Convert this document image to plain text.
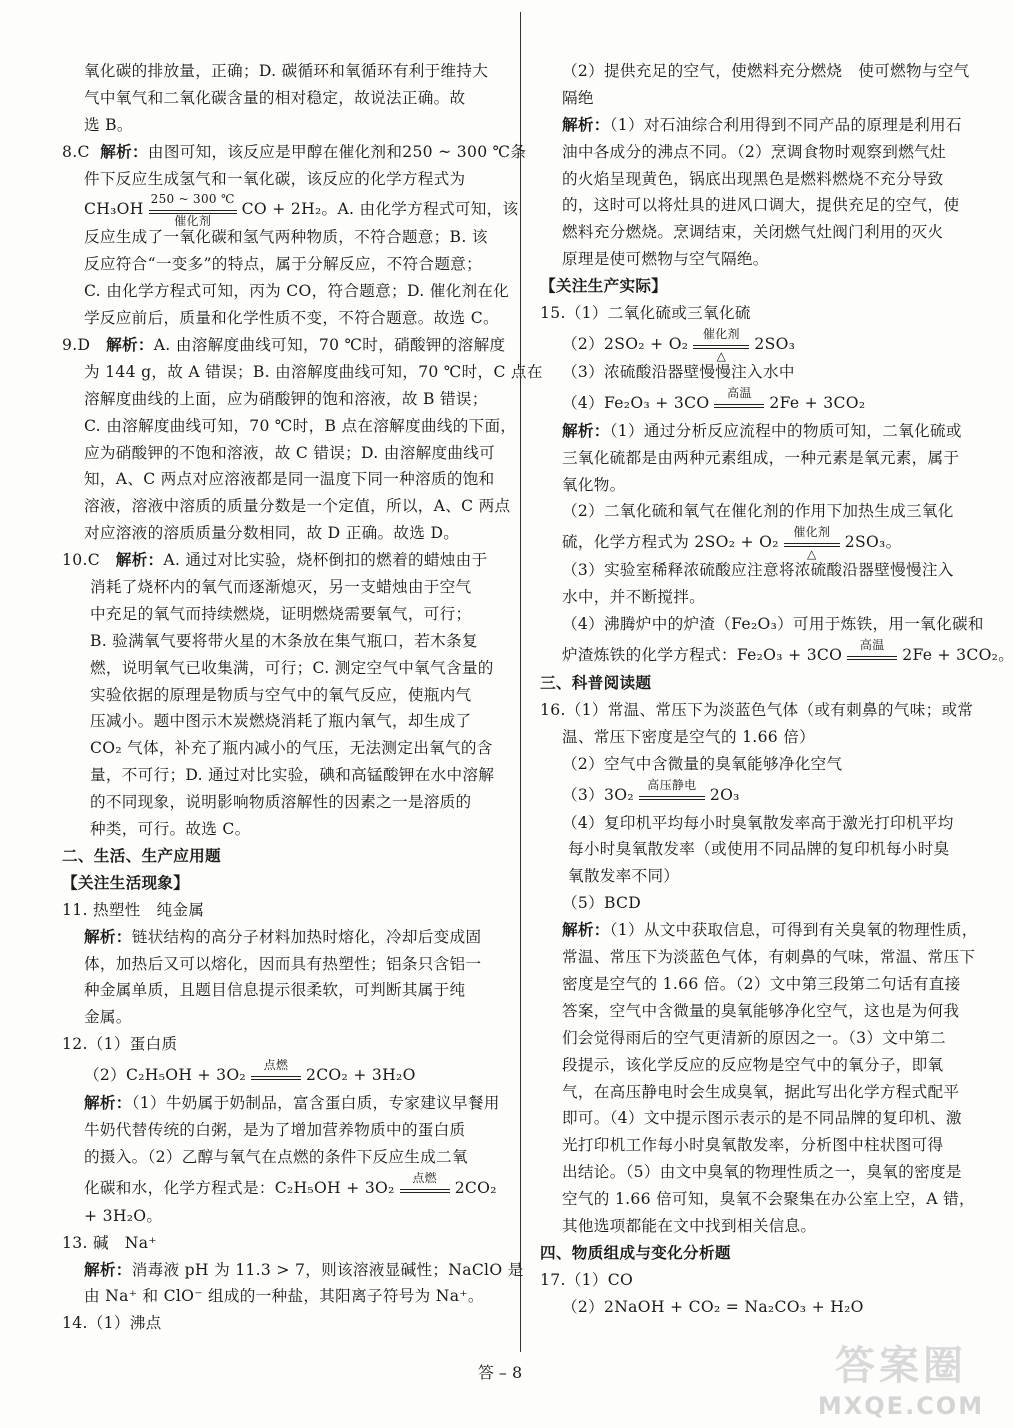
氧化碳的排放量，正确；D. 碳循环和氧循环有利于维持大
气中氧气和二氧化碳含量的相对稳定，故说法正确。故
选 B。
8.C 解析：由图可知，该反应是甲醇在催化剂和250 ~ 300 ℃条
件下反应生成氢气和一氧化碳，该反应的化学方程式为
CH₃OH
250 ~ 300 ℃
催化剂
CO + 2H₂。A. 由化学方程式可知，该
反应生成了一氧化碳和氢气两种物质，不符合题意；B. 该
反应符合“一变多”的特点，属于分解反应，不符合题意；
C. 由化学方程式可知，丙为 CO，符合题意；D. 催化剂在化
学反应前后，质量和化学性质不变，不符合题意。故选 C。
9.D 解析：A. 由溶解度曲线可知，70 ℃时，硝酸钾的溶解度
为 144 g，故 A 错误；B. 由溶解度曲线可知，70 ℃时，C 点在
溶解度曲线的上面，应为硝酸钾的饱和溶液，故 B 错误；
C. 由溶解度曲线可知，70 ℃时，B 点在溶解度曲线的下面，
应为硝酸钾的不饱和溶液，故 C 错误；D. 由溶解度曲线可
知，A、C 两点对应溶液都是同一温度下同一种溶质的饱和
溶液，溶液中溶质的质量分数是一个定值，所以，A、C 两点
对应溶液的溶质质量分数相同，故 D 正确。故选 D。
10.C 解析：A. 通过对比实验，烧杯倒扣的燃着的蜡烛由于
消耗了烧杯内的氧气而逐渐熄灭，另一支蜡烛由于空气
中充足的氧气而持续燃烧，证明燃烧需要氧气，可行；
B. 验满氧气要将带火星的木条放在集气瓶口，若木条复
燃，说明氧气已收集满，可行；C. 测定空气中氧气含量的
实验依据的原理是物质与空气中的氧气反应，使瓶内气
压减小。题中图示木炭燃烧消耗了瓶内氧气，却生成了
CO₂ 气体，补充了瓶内减小的气压，无法测定出氧气的含
量，不可行；D. 通过对比实验，碘和高锰酸钾在水中溶解
的不同现象，说明影响物质溶解性的因素之一是溶质的
种类，可行。故选 C。
二、生活、生产应用题
【关注生活现象】
11. 热塑性　纯金属
解析：链状结构的高分子材料加热时熔化，冷却后变成固
体，加热后又可以熔化，因而具有热塑性；铝条只含铝一
种金属单质，且题目信息提示很柔软，可判断其属于纯
金属。
12.（1）蛋白质
（2）C₂H₅OH + 3O₂
点燃
2CO₂ + 3H₂O
解析：（1）牛奶属于奶制品，富含蛋白质，专家建议早餐用
牛奶代替传统的白粥，是为了增加营养物质中的蛋白质
的摄入。（2）乙醇与氧气在点燃的条件下反应生成二氧
化碳和水，化学方程式是：C₂H₅OH + 3O₂
点燃
2CO₂
+ 3H₂O。
13. 碱　Na⁺
解析：消毒液 pH 为 11.3 > 7，则该溶液显碱性；NaClO 是
由 Na⁺ 和 ClO⁻ 组成的一种盐，其阳离子符号为 Na⁺。
14.（1）沸点
（2）提供充足的空气，使燃料充分燃烧　使可燃物与空气
隔绝
解析：（1）对石油综合利用得到不同产品的原理是利用石
油中各成分的沸点不同。（2）烹调食物时观察到燃气灶
的火焰呈现黄色，锅底出现黑色是燃料燃烧不充分导致
的，这时可以将灶具的进风口调大，提供充足的空气，使
燃料充分燃烧。烹调结束，关闭燃气灶阀门利用的灭火
原理是使可燃物与空气隔绝。
【关注生产实际】
15.（1）二氧化硫或三氧化硫
（2）2SO₂ + O₂
催化剂
△
2SO₃
（3）浓硫酸沿器壁慢慢注入水中
（4）Fe₂O₃ + 3CO
高温
2Fe + 3CO₂
解析：（1）通过分析反应流程中的物质可知，二氧化硫或
三氧化硫都是由两种元素组成，一种元素是氧元素，属于
氧化物。
（2）二氧化硫和氧气在催化剂的作用下加热生成三氧化
硫，化学方程式为 2SO₂ + O₂
催化剂
△
2SO₃。
（3）实验室稀释浓硫酸应注意将浓硫酸沿器壁慢慢注入
水中，并不断搅拌。
（4）沸腾炉中的炉渣（Fe₂O₃）可用于炼铁，用一氧化碳和
炉渣炼铁的化学方程式：Fe₂O₃ + 3CO
高温
2Fe + 3CO₂。
三、科普阅读题
16.（1）常温、常压下为淡蓝色气体（或有刺鼻的气味；或常
温、常压下密度是空气的 1.66 倍）
（2）空气中含微量的臭氧能够净化空气
（3）3O₂
高压静电
2O₃
（4）复印机平均每小时臭氧散发率高于激光打印机平均
每小时臭氧散发率（或使用不同品牌的复印机每小时臭
氧散发率不同）
（5）BCD
解析：（1）从文中获取信息，可得到有关臭氧的物理性质，
常温、常压下为淡蓝色气体，有刺鼻的气味，常温、常压下
密度是空气的 1.66 倍。（2）文中第三段第二句话有直接
答案，空气中含微量的臭氧能够净化空气，这也是为何我
们会觉得雨后的空气更清新的原因之一。（3）文中第二
段提示，该化学反应的反应物是空气中的氧分子，即氧
气，在高压静电时会生成臭氧，据此写出化学方程式配平
即可。（4）文中提示图示表示的是不同品牌的复印机、激
光打印机工作每小时臭氧散发率，分析图中柱状图可得
出结论。（5）由文中臭氧的物理性质之一，臭氧的密度是
空气的 1.66 倍可知，臭氧不会聚集在办公室上空，A 错，
其他选项都能在文中找到相关信息。
四、物质组成与变化分析题
17.（1）CO
（2）2NaOH + CO₂ = Na₂CO₃ + H₂O
答 – 8	答案圈
MXQE.COM
